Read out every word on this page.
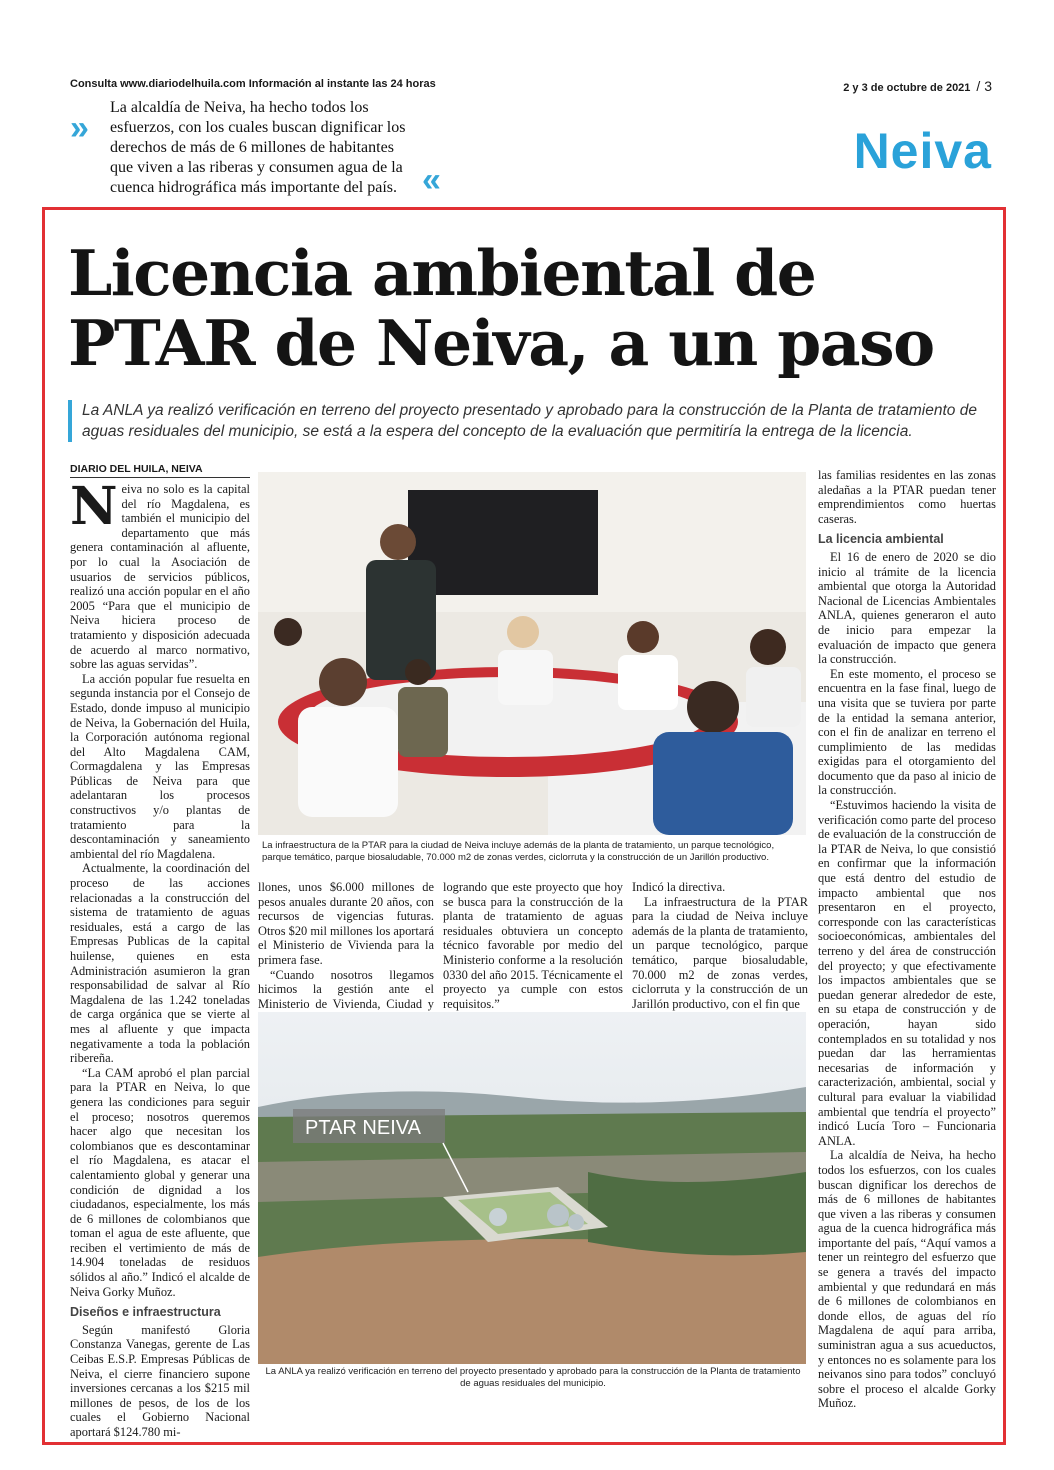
Consulta www.diariodelhuila.com Información al instante las 24 horas	2 y 3 de octubre de 2021 / 3
»
La alcaldía de Neiva, ha hecho todos los esfuerzos, con los cuales buscan dignificar los derechos de más de 6 millones de habitantes que viven a las riberas y consumen agua de la cuenca hidrográfica más importante del país. «
Neiva
Licencia ambiental de
PTAR de Neiva, a un paso
La ANLA ya realizó verificación en terreno del proyecto presentado y aprobado para la construcción de la Planta de tratamiento de aguas residuales del municipio, se está a la espera del concepto de la evaluación que permitiría la entrega de la licencia.
DIARIO DEL HUILA, NEIVA

Neiva no solo es la capital del río Magdalena, es también el municipio del departamento que más genera contaminación al afluente, por lo cual la Asociación de usuarios de servicios públicos, realizó una acción popular en el año 2005 “Para que el municipio de Neiva hiciera proceso de tratamiento y disposición adecuada de acuerdo al marco normativo, sobre las aguas servidas”.

La acción popular fue resuelta en segunda instancia por el Consejo de Estado, donde impuso al municipio de Neiva, la Gobernación del Huila, la Corporación autónoma regional del Alto Magdalena CAM, Cormagdalena y las Empresas Públicas de Neiva para que adelantaran los procesos constructivos y/o plantas de tratamiento para la descontaminación y saneamiento ambiental del río Magdalena.

Actualmente, la coordinación del proceso de las acciones relacionadas a la construcción del sistema de tratamiento de aguas residuales, está a cargo de las Empresas Publicas de la capital huilense, quienes en esta Administración asumieron la gran responsabilidad de salvar al Río Magdalena de las 1.242 toneladas de carga orgánica que se vierte al mes al afluente y que impacta negativamente a toda la población ribereña.

“La CAM aprobó el plan parcial para la PTAR en Neiva, lo que genera las condiciones para seguir el proceso; nosotros queremos hacer algo que necesitan los colombianos que es descontaminar el río Magdalena, es atacar el calentamiento global y generar una condición de dignidad a los ciudadanos, especialmente, los más de 6 millones de colombianos que toman el agua de este afluente, que reciben el vertimiento de más de 14.904 toneladas de residuos sólidos al año.” Indicó el alcalde de Neiva Gorky Muñoz.

Diseños e infraestructura

Según manifestó Gloria Constanza Vanegas, gerente de Las Ceibas E.S.P. Empresas Públicas de Neiva, el cierre financiero supone inversiones cercanas a los $215 mil millones de pesos, de los de los cuales el Gobierno Nacional aportará $124.780 mi-

La infraestructura de la PTAR para la ciudad de Neiva incluye además de la planta de tratamiento, un parque tecnológico, parque temático, parque biosaludable, 70.000 m2 de zonas verdes, ciclorruta y la construcción de un Jarillón productivo.

llones, unos $6.000 millones de pesos anuales durante 20 años, con recursos de vigencias futuras. Otros $20 mil millones los aportará el Ministerio de Vivienda para la primera fase.

“Cuando nosotros llegamos hicimos la gestión ante el Ministerio de Vivienda, Ciudad y

logrando que este proyecto que hoy se busca para la construcción de la planta de tratamiento de aguas residuales obtuviera un concepto técnico favorable por medio del Ministerio conforme a la resolución 0330 del año 2015. Técnicamente el proyecto ya cumple con estos requisitos.”

Indicó la directiva.

La infraestructura de la PTAR para la ciudad de Neiva incluye además de la planta de tratamiento, un parque tecnológico, parque temático, parque biosaludable, 70.000 m2 de zonas verdes, ciclorruta y la construcción de un Jarillón productivo, con el fin que

PTAR NEIVA
La ANLA ya realizó verificación en terreno del proyecto presentado y aprobado para la construcción de la Planta de tratamiento de aguas residuales del municipio.

las familias residentes en las zonas aledañas a la PTAR puedan tener emprendimientos como huertas caseras.

La licencia ambiental

El 16 de enero de 2020 se dio inicio al trámite de la licencia ambiental que otorga la Autoridad Nacional de Licencias Ambientales ANLA, quienes generaron el auto de inicio para empezar la evaluación de impacto que genera la construcción.

En este momento, el proceso se encuentra en la fase final, luego de una visita que se tuviera por parte de la entidad la semana anterior, con el fin de analizar en terreno el cumplimiento de las medidas exigidas para el otorgamiento del documento que da paso al inicio de la construcción.

“Estuvimos haciendo la visita de verificación como parte del proceso de evaluación de la construcción de la PTAR de Neiva, lo que consistió en confirmar que la información que está dentro del estudio de impacto ambiental que nos presentaron en el proyecto, corresponde con las características socioeconómicas, ambientales del terreno y del área de construcción del proyecto; y que efectivamente los impactos ambientales que se puedan generar alrededor de este, en su etapa de construcción y de operación, hayan sido contemplados en su totalidad y nos puedan dar las herramientas necesarias de información y caracterización, ambiental, social y cultural para evaluar la viabilidad ambiental que tendría el proyecto” indicó Lucía Toro – Funcionaria ANLA.

La alcaldía de Neiva, ha hecho todos los esfuerzos, con los cuales buscan dignificar los derechos de más de 6 millones de habitantes que viven a las riberas y consumen agua de la cuenca hidrográfica más importante del país, “Aquí vamos a tener un reintegro del esfuerzo que se genera a través del impacto ambiental y que redundará en más de 6 millones de colombianos en donde ellos, de aguas del río Magdalena de aquí para arriba, suministran agua a sus acueductos, y entonces no es solamente para los neivanos sino para todos” concluyó sobre el proceso el alcalde Gorky Muñoz.
